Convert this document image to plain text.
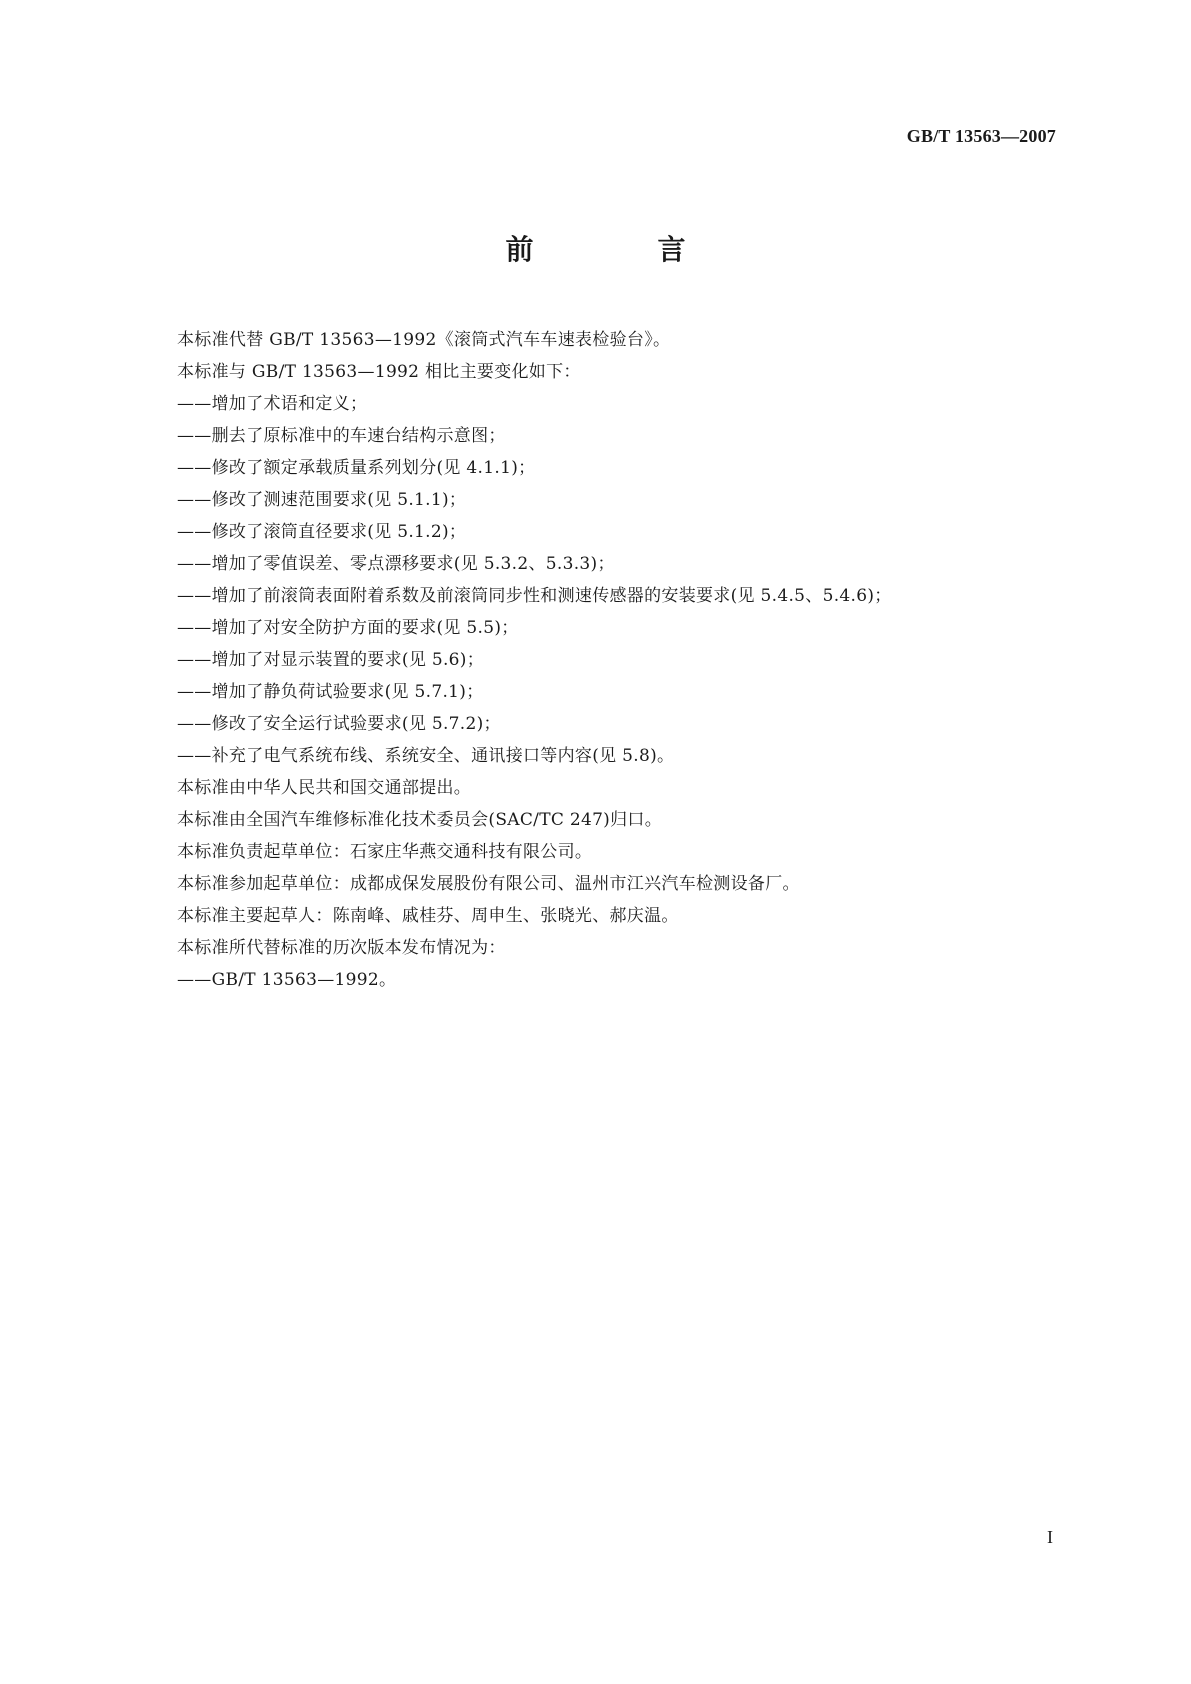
GB/T 13563—2007
前　言
本标准代替 GB/T 13563—1992《滚筒式汽车车速表检验台》。
本标准与 GB/T 13563—1992 相比主要变化如下：
——增加了术语和定义；
——删去了原标准中的车速台结构示意图；
——修改了额定承载质量系列划分(见 4.1.1)；
——修改了测速范围要求(见 5.1.1)；
——修改了滚筒直径要求(见 5.1.2)；
——增加了零值误差、零点漂移要求(见 5.3.2、5.3.3)；
——增加了前滚筒表面附着系数及前滚筒同步性和测速传感器的安装要求(见 5.4.5、5.4.6)；
——增加了对安全防护方面的要求(见 5.5)；
——增加了对显示装置的要求(见 5.6)；
——增加了静负荷试验要求(见 5.7.1)；
——修改了安全运行试验要求(见 5.7.2)；
——补充了电气系统布线、系统安全、通讯接口等内容(见 5.8)。
本标准由中华人民共和国交通部提出。
本标准由全国汽车维修标准化技术委员会(SAC/TC 247)归口。
本标准负责起草单位：石家庄华燕交通科技有限公司。
本标准参加起草单位：成都成保发展股份有限公司、温州市江兴汽车检测设备厂。
本标准主要起草人：陈南峰、戚桂芬、周申生、张晓光、郝庆温。
本标准所代替标准的历次版本发布情况为：
——GB/T 13563—1992。
I
